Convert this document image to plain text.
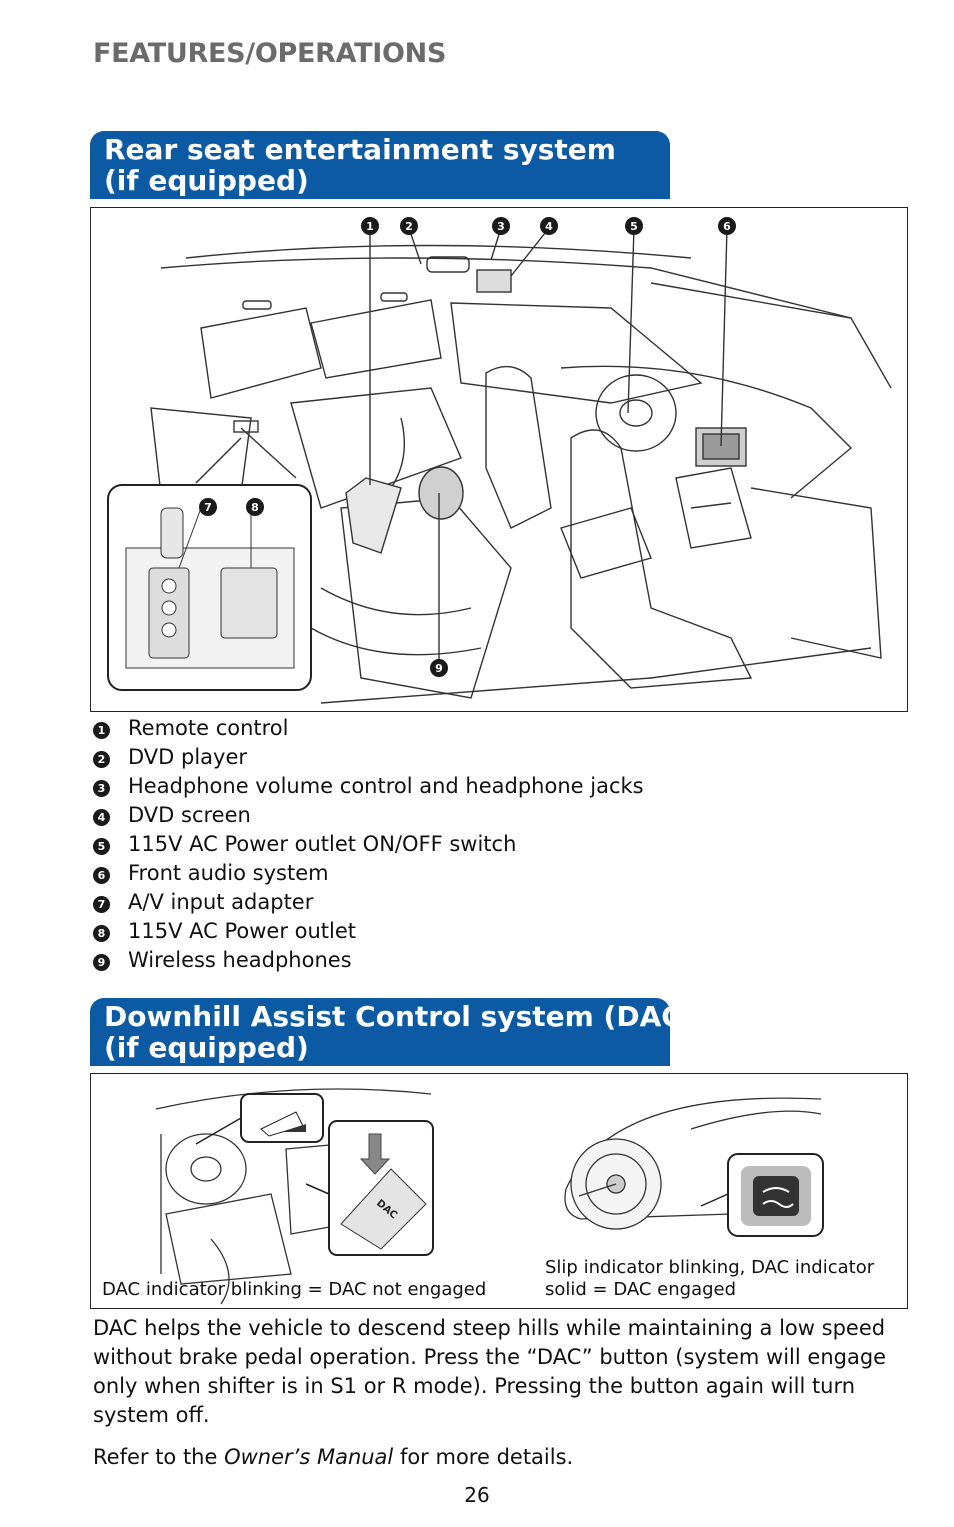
FEATURES/OPERATIONS
Rear seat entertainment system
(if equipped)
1	2	3	4	5	6
7	8
9
1 Remote control
2 DVD player
3 Headphone volume control and headphone jacks
4 DVD screen
5 115V AC Power outlet ON/OFF switch
6 Front audio system
7 A/V input adapter
8 115V AC Power outlet
9 Wireless headphones
Downhill Assist Control system (DAC)
(if equipped)
DAC
DAC indicator blinking = DAC not engaged
Slip indicator blinking, DAC indicator
solid = DAC engaged
DAC helps the vehicle to descend steep hills while maintaining a low speed without brake pedal operation. Press the “DAC” button (system will engage only when shifter is in S1 or R mode). Pressing the button again will turn system off.
Refer to the Owner’s Manual for more details.
26
